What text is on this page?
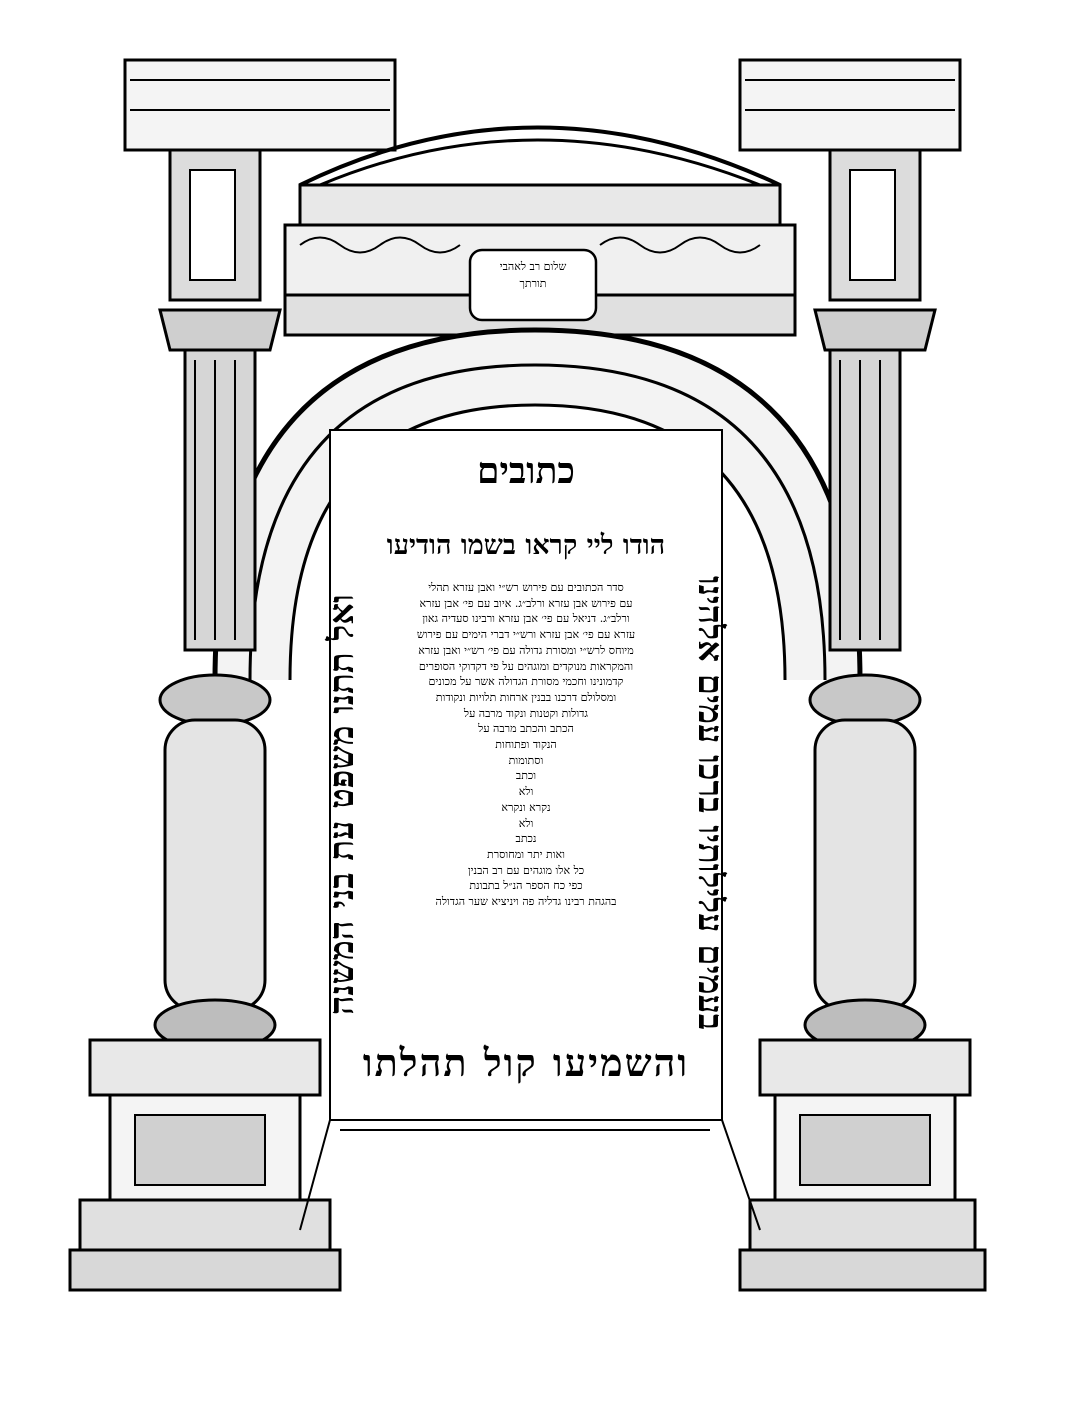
שלום רב לאהבי
תורתך
כתובים
הודו ליי קראו בשמו הודיעו
בעמים עלילותיו ברכו עמים אלהינו
ואל תתנו משפט עת בני המשנה
סדר הכתובים עם פירוש רש״י ואבן עזרא תהלי
עם פירוש אבן עזרא ורלב״ג. איוב עם פי׳ אבן עזרא
ורלב״ג. דניאל עם פי׳ אבן עזרא ורבינו סעדיה גאון
עזרא עם פי׳ אבן עזרא ורש״י דברי הימים עם פירוש
מיוחס לרש״י ומסורת גדולה עם פי׳ רש״י ואבן עזרא
והמקראות מנוקדים ומוגהים על פי דקדוקי הסופרים
קדמונינו וחכמי מסורת הגדולה אשר על מכונים
ומסלולם דרכנו בבנין ארחות תלויות ונקודות
גדולות וקטנות ונקוד מרבה על
הכתב והכתב מרבה על
הנקוד ופתוחות
וסתומות
וכתב
ולא
נקרא ונקרא
ולא
נכתב
ואות יתר ומחוסרת
כל אלו מוגהים עם רב הבנין
כפי כח הספר הנ״ל בתבונת
בהגהת רבינו גדליה פה ויניציא שער הגדולה
והשמיעו קול תהלתו
